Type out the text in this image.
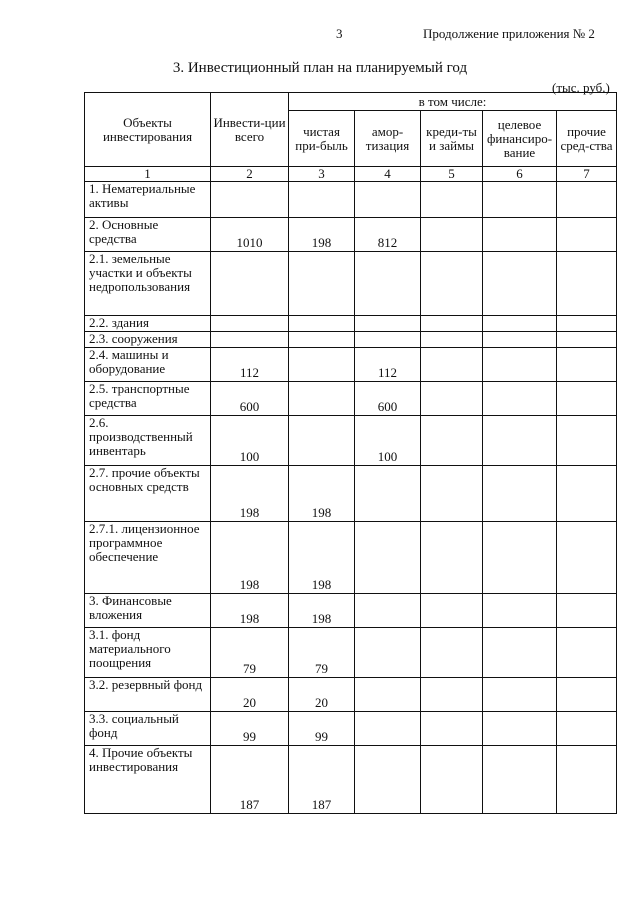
3	Продолжение приложения № 2
3. Инвестиционный план на планируемый год
(тыс. руб.)
Объекты инвестирования	Инвести-ции всего	в том числе:				
		чистая при-быль	амор-тизация	креди-ты и займы	целевое финансиро-вание	прочие сред-ства
1	2	3	4	5	6	7
1. Нематериальные активы						
2. Основные средства	1010	198	812			
2.1. земельные участки и объекты недропользования						
2.2. здания						
2.3. сооружения						
2.4. машины и оборудование	112		112			
2.5. транспортные средства	600		600			
2.6. производственный инвентарь	100		100			
2.7. прочие объекты основных средств	198	198				
2.7.1. лицензионное программное обеспечение	198	198				
3. Финансовые вложения	198	198				
3.1. фонд материального поощрения	79	79				
3.2. резервный фонд	20	20				
3.3. социальный фонд	99	99				
4. Прочие объекты инвестирования	187	187				
